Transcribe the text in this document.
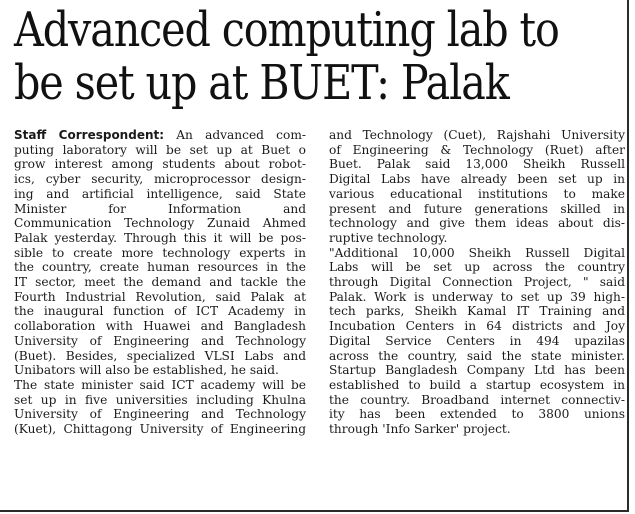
Advanced computing lab to
be set up at BUET: Palak
Staff Correspondent: An advanced com-
puting laboratory will be set up at Buet o
grow interest among students about robot-
ics, cyber security, microprocessor design-
ing and artificial intelligence, said State
Minister for Information and
Communication Technology Zunaid Ahmed
Palak yesterday. Through this it will be pos-
sible to create more technology experts in
the country, create human resources in the
IT sector, meet the demand and tackle the
Fourth Industrial Revolution, said Palak at
the inaugural function of ICT Academy in
collaboration with Huawei and Bangladesh
University of Engineering and Technology
(Buet). Besides, specialized VLSI Labs and
Unibators will also be established, he said.
The state minister said ICT academy will be
set up in five universities including Khulna
University of Engineering and Technology
(Kuet), Chittagong University of Engineering
and Technology (Cuet), Rajshahi University
of Engineering & Technology (Ruet) after
Buet. Palak said 13,000 Sheikh Russell
Digital Labs have already been set up in
various educational institutions to make
present and future generations skilled in
technology and give them ideas about dis-
ruptive technology.
"Additional 10,000 Sheikh Russell Digital
Labs will be set up across the country
through Digital Connection Project, " said
Palak. Work is underway to set up 39 high-
tech parks, Sheikh Kamal IT Training and
Incubation Centers in 64 districts and Joy
Digital Service Centers in 494 upazilas
across the country, said the state minister.
Startup Bangladesh Company Ltd has been
established to build a startup ecosystem in
the country. Broadband internet connectiv-
ity has been extended to 3800 unions
through 'Info Sarker' project.
